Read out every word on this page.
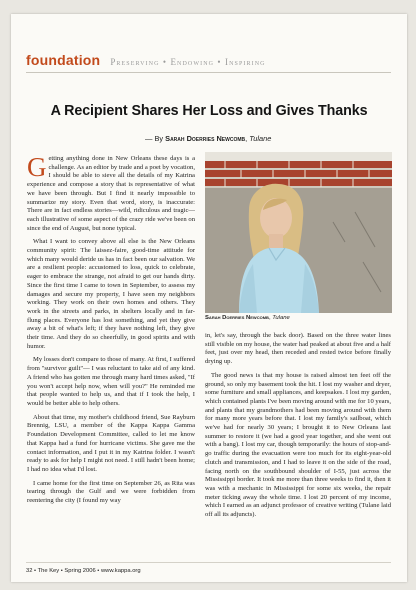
foundation Preserving • Endowing • Inspiring
A Recipient Shares Her Loss and Gives Thanks
— By Sarah Doerries Newcomb, Tulane

Getting anything done in New Orleans these days is a challenge. As an editor by trade and a poet by vocation, I should be able to sieve all the details of my Katrina experience and compose a story that is representative of what we have been through. But I find it nearly impossible to summarize my story. Even that word, story, is inaccurate: There are in fact endless stories—wild, ridiculous and tragic—each illustrative of some aspect of the crazy ride we've been on since the end of August, but none typical.

What I want to convey above all else is the New Orleans community spirit: The laissez-faire, good-time attitude for which many would deride us has in fact been our salvation. We are a resilient people: accustomed to loss, quick to celebrate, eager to embrace the strange, not afraid to get our hands dirty. Since the first time I came to town in September, to assess my damages and secure my property, I have seen my neighbors working. They work on their own homes and others. They work in the streets and parks, in shelters locally and in far-flung places. Everyone has lost something, and yet they give away a bit of what's left; if they have nothing left, they give their time. And they do so cheerfully, in good spirits and with humor.

My losses don't compare to those of many. At first, I suffered from "survivor guilt"— I was reluctant to take aid of any kind. A friend who has gotten me through many hard times asked, "If you won't accept help now, when will you?" He reminded me that people wanted to help us, and that if I took the help, I would be better able to help others.

About that time, my mother's childhood friend, Sue Rayburn Brennig, LSU, a member of the Kappa Kappa Gamma Foundation Development Committee, called to let me know that Kappa had a fund for hurricane victims. She gave me the contact information, and I put it in my Katrina folder. I wasn't ready to ask for help I might not need. I still hadn't been home; I had no idea what I'd lost.

I came home for the first time on September 26, as Rita was tearing through the Gulf and we were forbidden from reentering the city (I found my way

Sarah Doerries Newcomb, Tulane

in, let's say, through the back door). Based on the three water lines still visible on my house, the water had peaked at about five and a half feet, just over my head, then receded and rested twice before finally drying up.

The good news is that my house is raised almost ten feet off the ground, so only my basement took the hit. I lost my washer and dryer, some furniture and small appliances, and keepsakes. I lost my garden, which contained plants I've been moving around with me for 10 years, and plants that my grandmothers had been moving around with them for many more years before that. I lost my family's sailboat, which we've had for nearly 30 years; I brought it to New Orleans last summer to restore it (we had a good year together, and she went out with a bang). I lost my car, though temporarily: the hours of stop-and-go traffic during the evacuation were too much for its eight-year-old clutch and transmission, and I had to leave it on the side of the road, facing north on the southbound shoulder of I-55, just across the Mississippi border. It took me more than three weeks to find it, then it was with a mechanic in Mississippi for some six weeks, the repair meter ticking away the whole time. I lost 20 percent of my income, which I earned as an adjunct professor of creative writing (Tulane laid off all its adjuncts).

32 • The Key • Spring 2006 • www.kappa.org
